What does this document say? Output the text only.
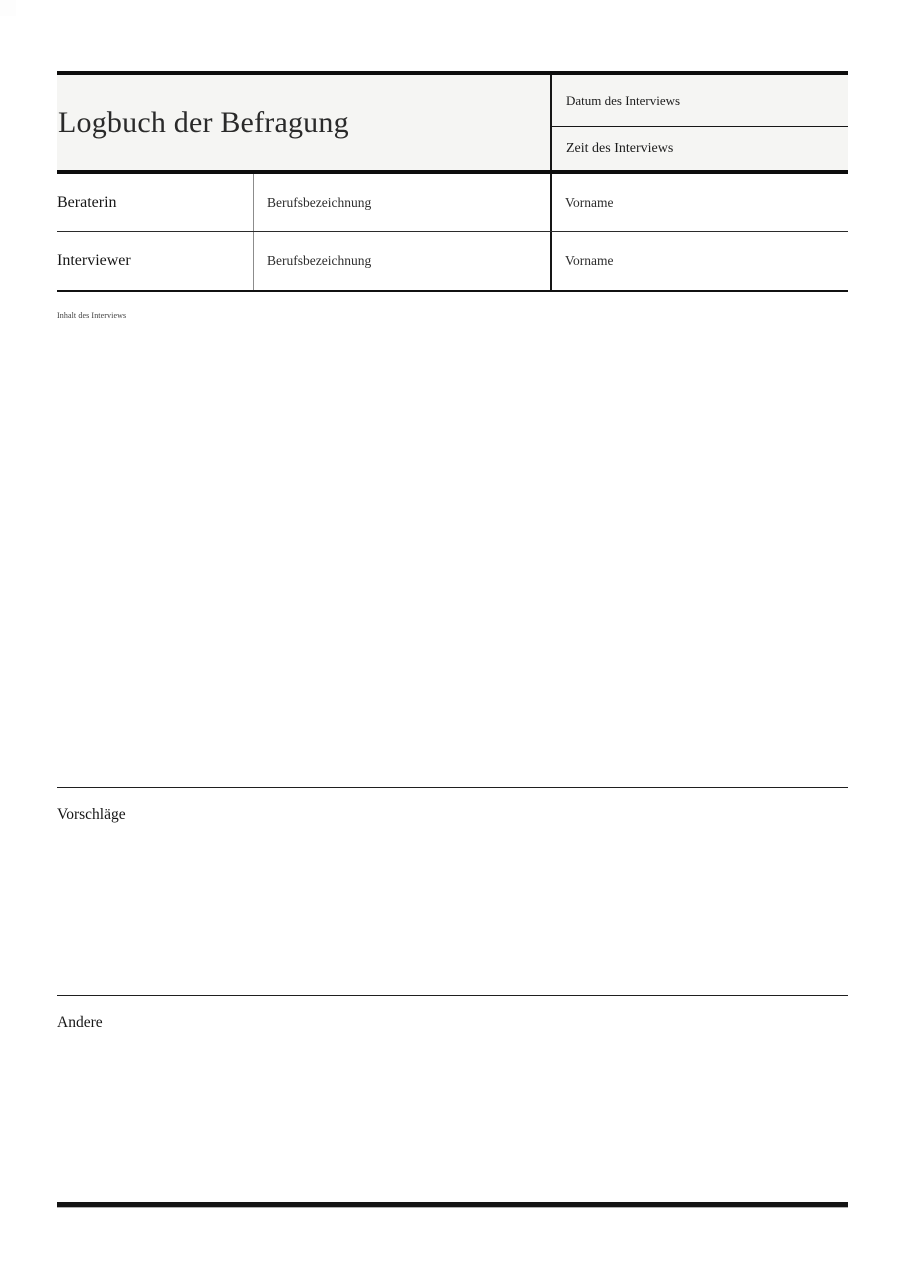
Logbuch der Befragung
Datum des Interviews
Zeit des Interviews
Beraterin	Berufsbezeichnung	Vorname
Interviewer	Berufsbezeichnung	Vorname
Inhalt des Interviews
Vorschläge
Andere
